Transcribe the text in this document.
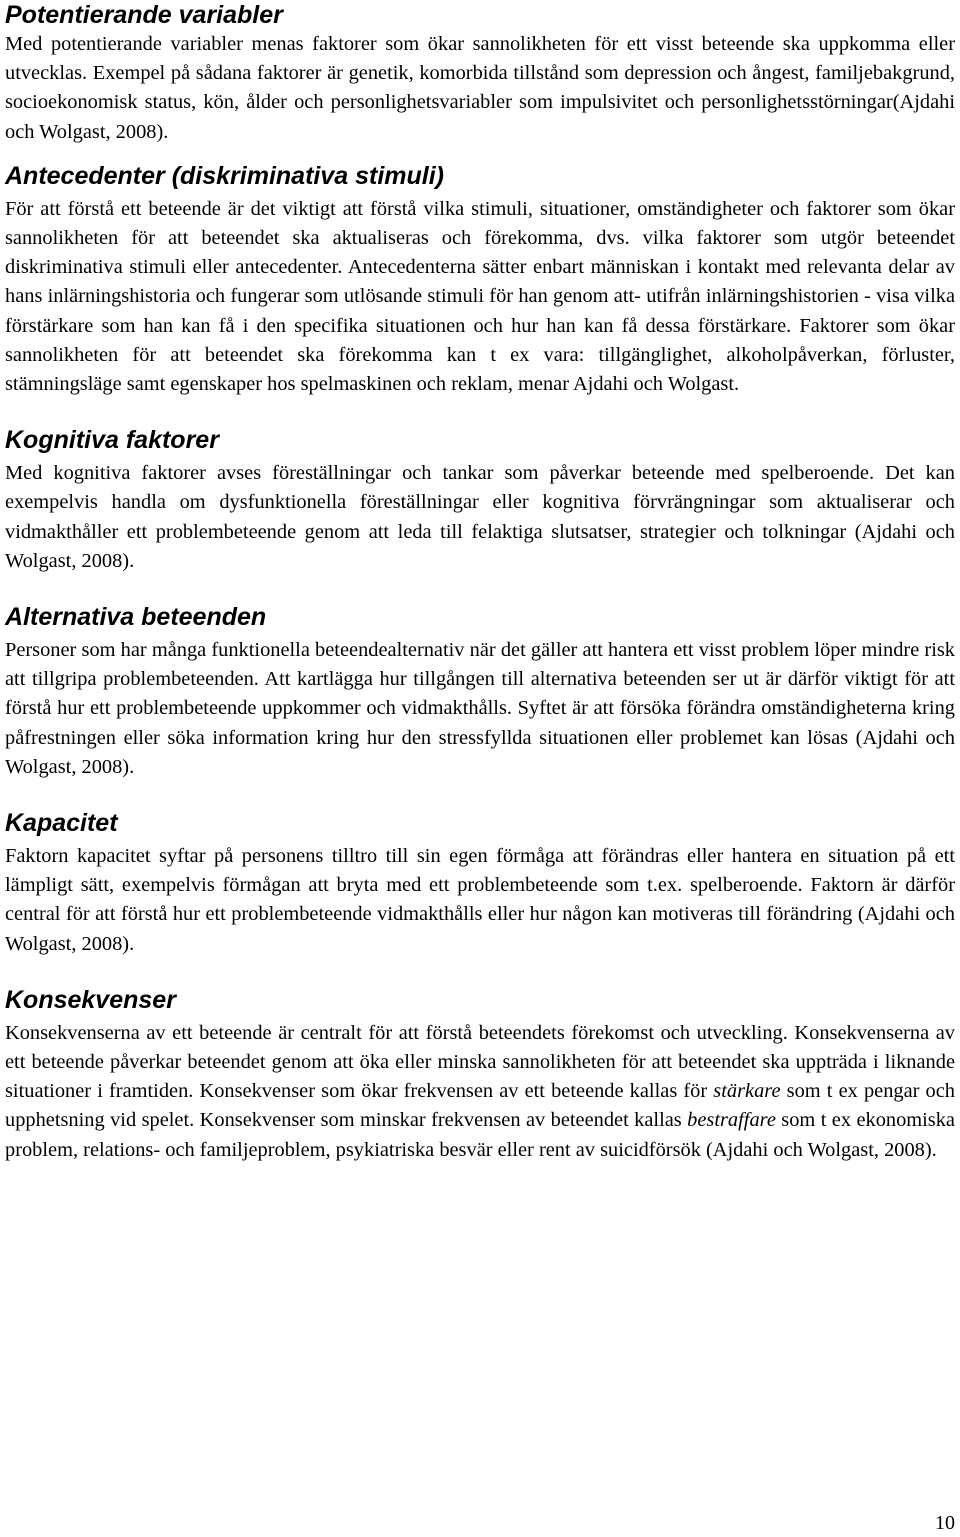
Potentierande variabler

Med potentierande variabler menas faktorer som ökar sannolikheten för ett visst beteende ska uppkomma eller utvecklas. Exempel på sådana faktorer är genetik, komorbida tillstånd som depression och ångest, familjebakgrund, socioekonomisk status, kön, ålder och personlighetsvariabler som impulsivitet och personlighetsstörningar(Ajdahi och Wolgast, 2008).

Antecedenter (diskriminativa stimuli)

För att förstå ett beteende är det viktigt att förstå vilka stimuli, situationer, omständigheter och faktorer som ökar sannolikheten för att beteendet ska aktualiseras och förekomma, dvs. vilka faktorer som utgör beteendet diskriminativa stimuli eller antecedenter. Antecedenterna sätter enbart människan i kontakt med relevanta delar av hans inlärningshistoria och fungerar som utlösande stimuli för han genom att- utifrån inlärningshistorien - visa vilka förstärkare som han kan få i den specifika situationen och hur han kan få dessa förstärkare. Faktorer som ökar sannolikheten för att beteendet ska förekomma kan t ex vara: tillgänglighet, alkoholpåverkan, förluster, stämningsläge samt egenskaper hos spelmaskinen och reklam, menar Ajdahi och Wolgast.

Kognitiva faktorer

Med kognitiva faktorer avses föreställningar och tankar som påverkar beteende med spelberoende. Det kan exempelvis handla om dysfunktionella föreställningar eller kognitiva förvrängningar som aktualiserar och vidmakthåller ett problembeteende genom att leda till felaktiga slutsatser, strategier och tolkningar (Ajdahi och Wolgast, 2008).

Alternativa beteenden

Personer som har många funktionella beteendealternativ när det gäller att hantera ett visst problem löper mindre risk att tillgripa problembeteenden. Att kartlägga hur tillgången till alternativa beteenden ser ut är därför viktigt för att förstå hur ett problembeteende uppkommer och vidmakthålls. Syftet är att försöka förändra omständigheterna kring påfrestningen eller söka information kring hur den stressfyllda situationen eller problemet kan lösas (Ajdahi och Wolgast, 2008).

Kapacitet

Faktorn kapacitet syftar på personens tilltro till sin egen förmåga att förändras eller hantera en situation på ett lämpligt sätt, exempelvis förmågan att bryta med ett problembeteende som t.ex. spelberoende. Faktorn är därför central för att förstå hur ett problembeteende vidmakthålls eller hur någon kan motiveras till förändring (Ajdahi och Wolgast, 2008).

Konsekvenser

Konsekvenserna av ett beteende är centralt för att förstå beteendets förekomst och utveckling. Konsekvenserna av ett beteende påverkar beteendet genom att öka eller minska sannolikheten för att beteendet ska uppträda i liknande situationer i framtiden. Konsekvenser som ökar frekvensen av ett beteende kallas för stärkare som t ex pengar och upphetsning vid spelet. Konsekvenser som minskar frekvensen av beteendet kallas bestraffare som t ex ekonomiska problem, relations- och familjeproblem, psykiatriska besvär eller rent av suicidförsök (Ajdahi och Wolgast, 2008).

10
